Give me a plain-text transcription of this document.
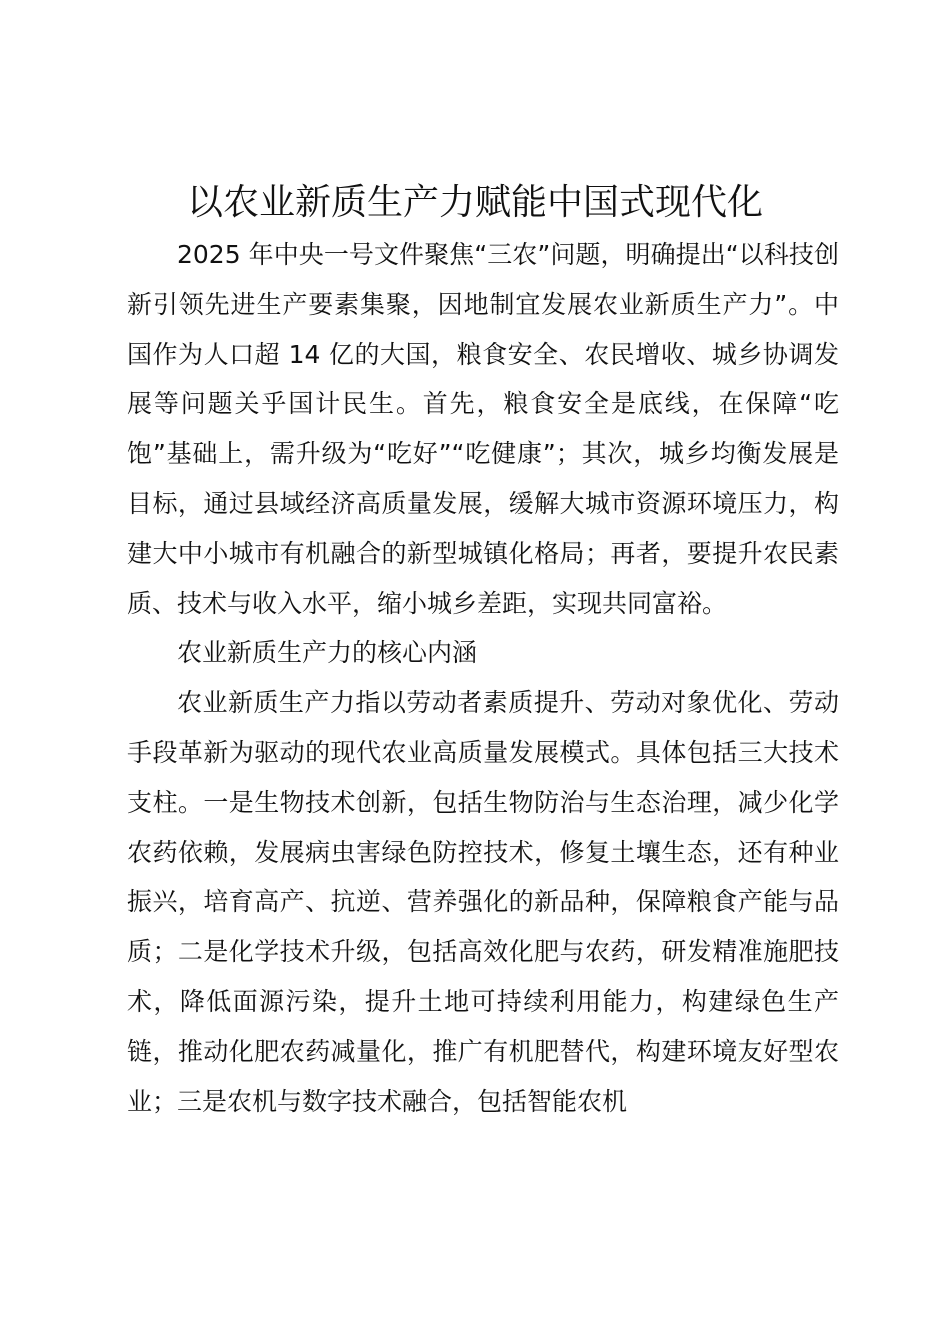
以农业新质生产力赋能中国式现代化

2025 年中央一号文件聚焦“三农”问题，明确提出“以科技创新引领先进生产要素集聚，因地制宜发展农业新质生产力”。中国作为人口超 14 亿的大国，粮食安全、农民增收、城乡协调发展等问题关乎国计民生。首先，粮食安全是底线，在保障“吃饱”基础上，需升级为“吃好”“吃健康”；其次，城乡均衡发展是目标，通过县域经济高质量发展，缓解大城市资源环境压力，构建大中小城市有机融合的新型城镇化格局；再者，要提升农民素质、技术与收入水平，缩小城乡差距，实现共同富裕。

农业新质生产力的核心内涵

农业新质生产力指以劳动者素质提升、劳动对象优化、劳动手段革新为驱动的现代农业高质量发展模式。具体包括三大技术支柱。一是生物技术创新，包括生物防治与生态治理，减少化学农药依赖，发展病虫害绿色防控技术，修复土壤生态，还有种业振兴，培育高产、抗逆、营养强化的新品种，保障粮食产能与品质；二是化学技术升级，包括高效化肥与农药，研发精准施肥技术，降低面源污染，提升土地可持续利用能力，构建绿色生产链，推动化肥农药减量化，推广有机肥替代，构建环境友好型农业；三是农机与数字技术融合，包括智能农机
